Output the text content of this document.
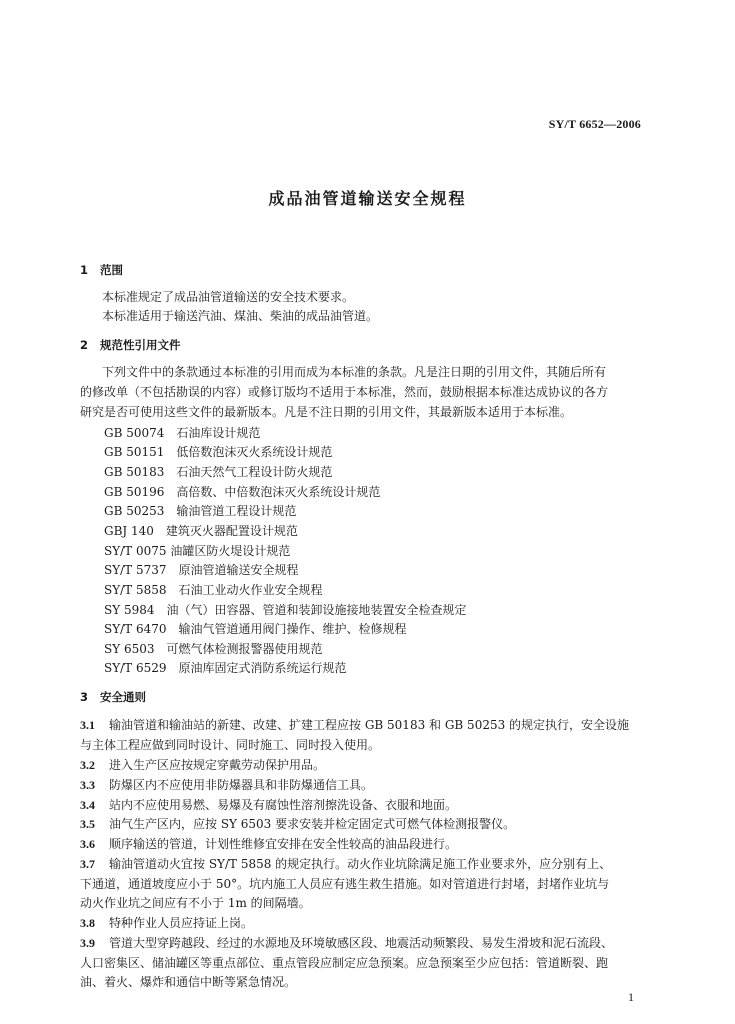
SY/T 6652—2006
成品油管道输送安全规程
1 范围
本标准规定了成品油管道输送的安全技术要求。
本标准适用于输送汽油、煤油、柴油的成品油管道。
2 规范性引用文件
下列文件中的条款通过本标准的引用而成为本标准的条款。凡是注日期的引用文件，其随后所有
的修改单（不包括勘误的内容）或修订版均不适用于本标准，然而，鼓励根据本标准达成协议的各方
研究是否可使用这些文件的最新版本。凡是不注日期的引用文件，其最新版本适用于本标准。
GB 50074　石油库设计规范
GB 50151　低倍数泡沫灭火系统设计规范
GB 50183　石油天然气工程设计防火规范
GB 50196　高倍数、中倍数泡沫灭火系统设计规范
GB 50253　输油管道工程设计规范
GBJ 140　建筑灭火器配置设计规范
SY/T 0075 油罐区防火堤设计规范
SY/T 5737　原油管道输送安全规程
SY/T 5858　石油工业动火作业安全规程
SY 5984　油（气）田容器、管道和装卸设施接地装置安全检查规定
SY/T 6470　输油气管道通用阀门操作、维护、检修规程
SY 6503　可燃气体检测报警器使用规范
SY/T 6529　原油库固定式消防系统运行规范
3 安全通则
3.1 输油管道和输油站的新建、改建、扩建工程应按 GB 50183 和 GB 50253 的规定执行，安全设施
与主体工程应做到同时设计、同时施工、同时投入使用。
3.2 进入生产区应按规定穿戴劳动保护用品。
3.3 防爆区内不应使用非防爆器具和非防爆通信工具。
3.4 站内不应使用易燃、易爆及有腐蚀性溶剂擦洗设备、衣服和地面。
3.5 油气生产区内，应按 SY 6503 要求安装并检定固定式可燃气体检测报警仪。
3.6 顺序输送的管道，计划性维修宜安排在安全性较高的油品段进行。
3.7 输油管道动火宜按 SY/T 5858 的规定执行。动火作业坑除满足施工作业要求外，应分别有上、
下通道，通道坡度应小于 50°。坑内施工人员应有逃生救生措施。如对管道进行封堵，封堵作业坑与
动火作业坑之间应有不小于 1m 的间隔墙。
3.8 特种作业人员应持证上岗。
3.9 管道大型穿跨越段、经过的水源地及环境敏感区段、地震活动频繁段、易发生滑坡和泥石流段、
人口密集区、储油罐区等重点部位、重点管段应制定应急预案。应急预案至少应包括：管道断裂、跑
油、着火、爆炸和通信中断等紧急情况。
1
